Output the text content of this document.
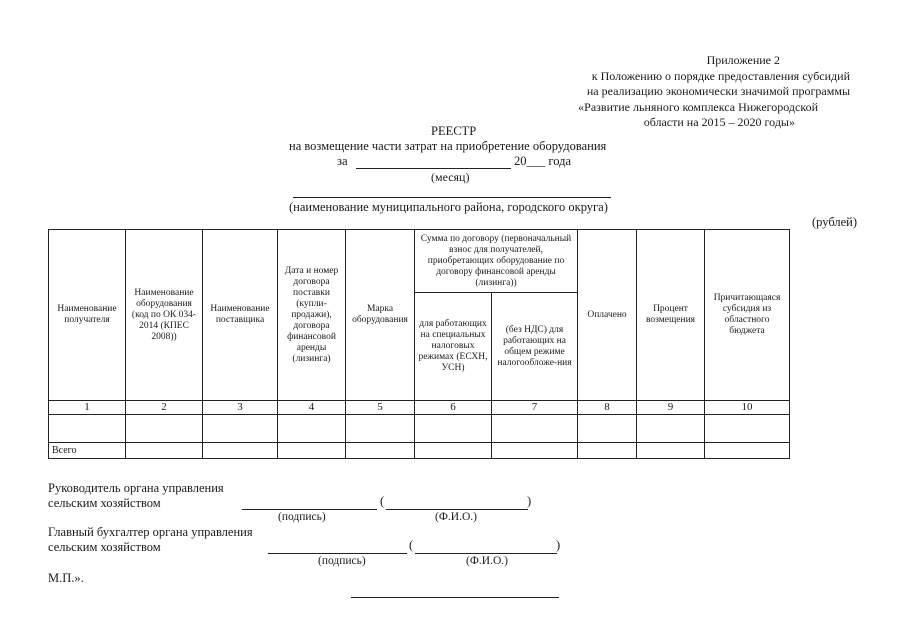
Приложение 2
к Положению о порядке предоставления субсидий
на реализацию экономически значимой программы
«Развитие льняного комплекса Нижегородской
области на 2015 – 2020 годы»
РЕЕСТР
на возмещение части затрат на приобретение оборудования
за	20___ года
(месяц)
(наименование муниципального района, городского округа)
(рублей)
Наименование получателя	Наименование оборудования (код по ОК 034-2014 (КПЕС 2008))	Наименование поставщика	Дата и номер договора поставки (купли-продажи), договора финансовой аренды (лизинга)	Марка оборудования	Сумма по договору (первоначальный взнос для получателей, приобретающих оборудование по договору финансовой аренды (лизинга))		Оплачено	Процент возмещения	Причитающаяся субсидия из областного бюджета
					для работающих на специальных налоговых режимах (ЕСХН, УСН)	(без НДС) для работающих на общем режиме налогообложе-ния			
1	2	3	4	5	6	7	8	9	10

Всего									
Руководитель органа управления
сельским хозяйством	(	)
(подпись)	(Ф.И.О.)
Главный бухгалтер органа управления
сельским хозяйством	(	)
(подпись)	(Ф.И.О.)
М.П.».
